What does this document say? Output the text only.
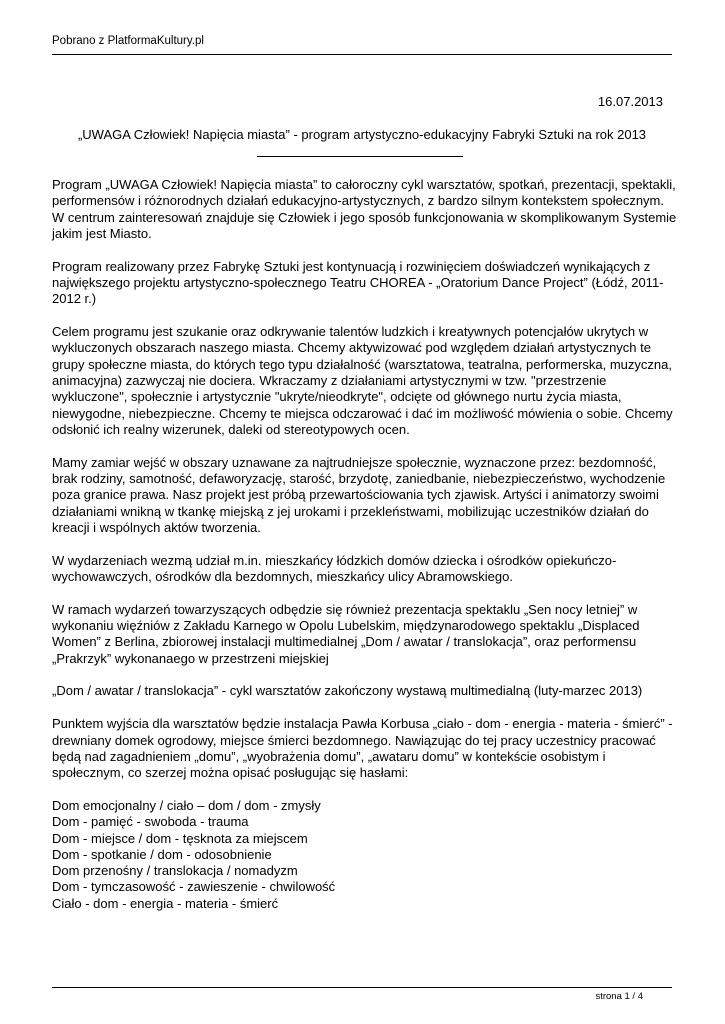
Pobrano z PlatformaKultury.pl
16.07.2013
„UWAGA Człowiek! Napięcia miasta” - program artystyczno-edukacyjny Fabryki Sztuki na rok 2013

Program „UWAGA Człowiek! Napięcia miasta” to całoroczny cykl warsztatów, spotkań, prezentacji, spektakli, performensów i różnorodnych działań edukacyjno-artystycznych, z bardzo silnym kontekstem społecznym. W centrum zainteresowań znajduje się Człowiek i jego sposób funkcjonowania w skomplikowanym Systemie jakim jest Miasto.

Program realizowany przez Fabrykę Sztuki jest kontynuacją i rozwinięciem doświadczeń wynikających z największego projektu artystyczno-społecznego Teatru CHOREA - „Oratorium Dance Project” (Łódź, 2011-2012 r.)

Celem programu jest szukanie oraz odkrywanie talentów ludzkich i kreatywnych potencjałów ukrytych w wykluczonych obszarach naszego miasta. Chcemy aktywizować pod względem działań artystycznych te grupy społeczne miasta, do których tego typu działalność (warsztatowa, teatralna, performerska, muzyczna, animacyjna) zazwyczaj nie dociera. Wkraczamy z działaniami artystycznymi w tzw. "przestrzenie wykluczone", społecznie i artystycznie "ukryte/nieodkryte", odcięte od głównego nurtu życia miasta, niewygodne, niebezpieczne. Chcemy te miejsca odczarować i dać im możliwość mówienia o sobie. Chcemy odsłonić ich realny wizerunek, daleki od stereotypowych ocen.

Mamy zamiar wejść w obszary uznawane za najtrudniejsze społecznie, wyznaczone przez: bezdomność, brak rodziny, samotność, defaworyzację, starość, brzydotę, zaniedbanie, niebezpieczeństwo, wychodzenie poza granice prawa. Nasz projekt jest próbą przewartościowania tych zjawisk. Artyści i animatorzy swoimi działaniami wnikną w tkankę miejską z jej urokami i przekleństwami, mobilizując uczestników działań do kreacji i wspólnych aktów tworzenia.

W wydarzeniach wezmą udział m.in. mieszkańcy łódzkich domów dziecka i ośrodków opiekuńczo-wychowawczych, ośrodków dla bezdomnych, mieszkańcy ulicy Abramowskiego.

W ramach wydarzeń towarzyszących odbędzie się również prezentacja spektaklu „Sen nocy letniej” w wykonaniu więźniów z Zakładu Karnego w Opolu Lubelskim, międzynarodowego spektaklu „Displaced Women” z Berlina, zbiorowej instalacji multimedialnej „Dom / awatar / translokacja”, oraz performensu „Prakrzyk” wykonanaego w przestrzeni miejskiej

„Dom / awatar / translokacja” - cykl warsztatów zakończony wystawą multimedialną (luty-marzec 2013)

Punktem wyjścia dla warsztatów będzie instalacja Pawła Korbusa „ciało - dom - energia - materia - śmierć” - drewniany domek ogrodowy, miejsce śmierci bezdomnego. Nawiązując do tej pracy uczestnicy pracować będą nad zagadnieniem „domu”, „wyobrażenia domu”, „awataru domu” w kontekście osobistym i społecznym, co szerzej można opisać posługując się hasłami:

Dom emocjonalny / ciało – dom / dom - zmysły
Dom - pamięć - swoboda - trauma
Dom - miejsce / dom - tęsknota za miejscem
Dom - spotkanie / dom - odosobnienie
Dom przenośny / translokacja / nomadyzm
Dom - tymczasowość - zawieszenie - chwilowość
Ciało - dom - energia - materia - śmierć
strona 1 / 4
